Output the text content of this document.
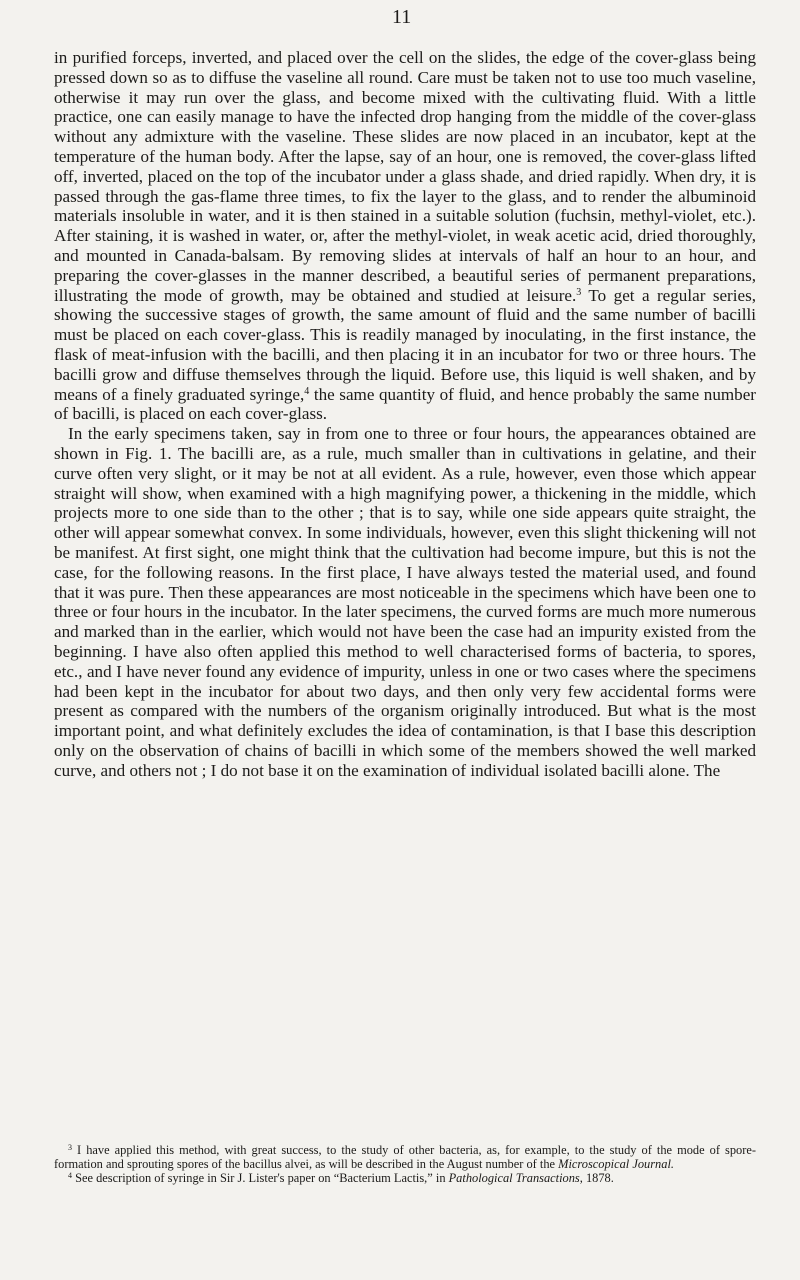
11

in purified forceps, inverted, and placed over the cell on the slides, the edge of the cover-glass being pressed down so as to diffuse the vaseline all round. Care must be taken not to use too much vaseline, otherwise it may run over the glass, and become mixed with the cultivating fluid. With a little practice, one can easily manage to have the infected drop hanging from the middle of the cover-glass without any admixture with the vaseline. These slides are now placed in an incubator, kept at the temperature of the human body. After the lapse, say of an hour, one is removed, the cover-glass lifted off, inverted, placed on the top of the incubator under a glass shade, and dried rapidly. When dry, it is passed through the gas-flame three times, to fix the layer to the glass, and to render the albuminoid materials insoluble in water, and it is then stained in a suitable solution (fuchsin, methyl-violet, etc.). After staining, it is washed in water, or, after the methyl-violet, in weak acetic acid, dried thoroughly, and mounted in Canada-balsam. By removing slides at intervals of half an hour to an hour, and preparing the cover-glasses in the manner described, a beautiful series of permanent preparations, illustrating the mode of growth, may be obtained and studied at leisure.$^3$ To get a regular series, showing the successive stages of growth, the same amount of fluid and the same number of bacilli must be placed on each cover-glass. This is readily managed by inoculating, in the first instance, the flask of meat-infusion with the bacilli, and then placing it in an incubator for two or three hours. The bacilli grow and diffuse themselves through the liquid. Before use, this liquid is well shaken, and by means of a finely graduated syringe,$^4$ the same quantity of fluid, and hence probably the same number of bacilli, is placed on each cover-glass.

In the early specimens taken, say in from one to three or four hours, the appearances obtained are shown in Fig. 1. The bacilli are, as a rule, much smaller than in cultivations in gelatine, and their curve often very slight, or it may be not at all evident. As a rule, however, even those which appear straight will show, when examined with a high magnifying power, a thickening in the middle, which projects more to one side than to the other ; that is to say, while one side appears quite straight, the other will appear somewhat convex. In some individuals, however, even this slight thickening will not be manifest. At first sight, one might think that the cultivation had become impure, but this is not the case, for the following reasons. In the first place, I have always tested the material used, and found that it was pure. Then these appearances are most noticeable in the specimens which have been one to three or four hours in the incubator. In the later specimens, the curved forms are much more numerous and marked than in the earlier, which would not have been the case had an impurity existed from the beginning. I have also often applied this method to well characterised forms of bacteria, to spores, etc., and I have never found any evidence of impurity, unless in one or two cases where the specimens had been kept in the incubator for about two days, and then only very few accidental forms were present as compared with the numbers of the organism originally introduced. But what is the most important point, and what definitely excludes the idea of contamination, is that I base this description only on the observation of chains of bacilli in which some of the members showed the well marked curve, and others not ; I do not base it on the examination of individual isolated bacilli alone. The

$^3$ I have applied this method, with great success, to the study of other bacteria, as, for example, to the study of the mode of spore-formation and sprouting spores of the bacillus alvei, as will be described in the August number of the Microscopical Journal.

$^4$ See description of syringe in Sir J. Lister's paper on “Bacterium Lactis,” in Pathological Transactions, 1878.
